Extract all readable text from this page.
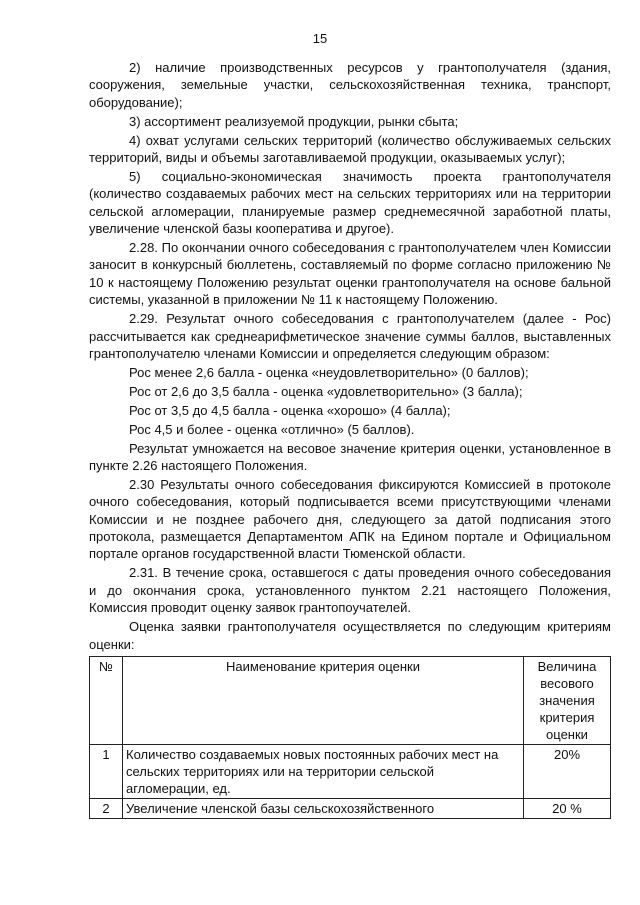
15

2) наличие производственных ресурсов у грантополучателя (здания, сооружения, земельные участки, сельскохозяйственная техника, транспорт, оборудование);

3) ассортимент реализуемой продукции, рынки сбыта;

4) охват услугами сельских территорий (количество обслуживаемых сельских территорий, виды и объемы заготавливаемой продукции, оказываемых услуг);

5) социально-экономическая значимость проекта грантополучателя (количество создаваемых рабочих мест на сельских территориях или на территории сельской агломерации, планируемые размер среднемесячной заработной платы, увеличение членской базы кооператива и другое).

2.28. По окончании очного собеседования с грантополучателем член Комиссии заносит в конкурсный бюллетень, составляемый по форме согласно приложению № 10 к настоящему Положению результат оценки грантополучателя на основе бальной системы, указанной в приложении № 11 к настоящему Положению.

2.29. Результат очного собеседования с грантополучателем (далее - Рос) рассчитывается как среднеарифметическое значение суммы баллов, выставленных грантополучателю членами Комиссии и определяется следующим образом:

Рос менее 2,6 балла - оценка «неудовлетворительно» (0 баллов);

Рос от 2,6 до 3,5 балла - оценка «удовлетворительно» (3 балла);

Рос от 3,5 до 4,5 балла - оценка «хорошо» (4 балла);

Рос 4,5 и более - оценка «отлично» (5 баллов).

Результат умножается на весовое значение критерия оценки, установленное в пункте 2.26 настоящего Положения.

2.30 Результаты очного собеседования фиксируются Комиссией в протоколе очного собеседования, который подписывается всеми присутствующими членами Комиссии и не позднее рабочего дня, следующего за датой подписания этого протокола, размещается Департаментом АПК на Едином портале и Официальном портале органов государственной власти Тюменской области.

2.31. В течение срока, оставшегося с даты проведения очного собеседования и до окончания срока, установленного пунктом 2.21 настоящего Положения, Комиссия проводит оценку заявок грантопоучателей.

Оценка заявки грантополучателя осуществляется по следующим критериям оценки:

№	Наименование критерия оценки	Величина весового значения критерия оценки
1	Количество создаваемых новых постоянных рабочих мест на сельских территориях или на территории сельской агломерации, ед.	20%
2	Увеличение членской базы сельскохозяйственного	20 %
